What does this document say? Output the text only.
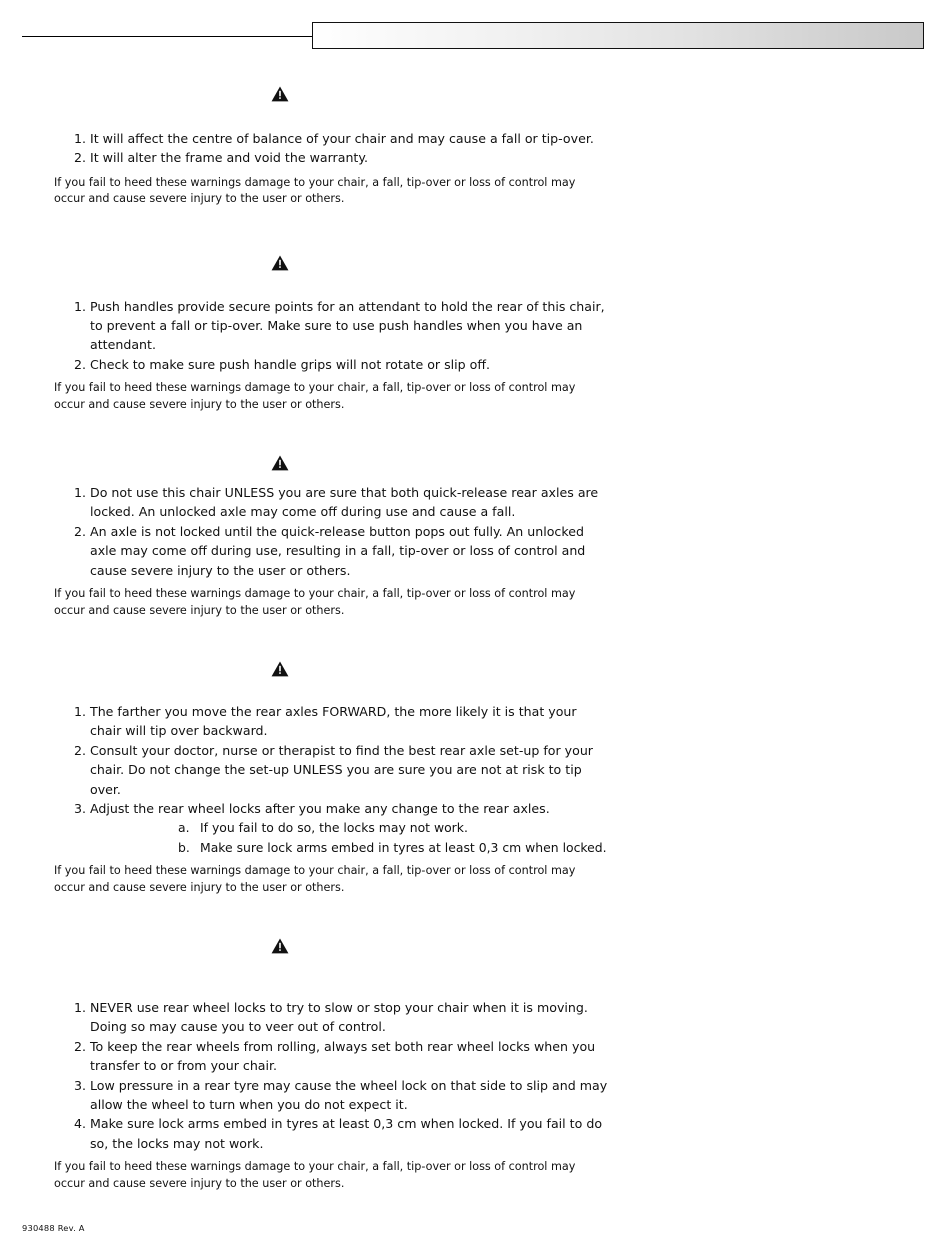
1. It will affect the centre of balance of your chair and may cause a fall or tip-over.
2. It will alter the frame and void the warranty.
If you fail to heed these warnings damage to your chair, a fall, tip-over or loss of control may occur and cause severe injury to the user or others.
1. Push handles provide secure points for an attendant to hold the rear of this chair, to prevent a fall or tip-over. Make sure to use push handles when you have an attendant.
2. Check to make sure push handle grips will not rotate or slip off.
If you fail to heed these warnings damage to your chair, a fall, tip-over or loss of control may occur and cause severe injury to the user or others.
1. Do not use this chair UNLESS you are sure that both quick-release rear axles are locked. An unlocked axle may come off during use and cause a fall.
2. An axle is not locked until the quick-release button pops out fully. An unlocked axle may come off during use, resulting in a fall, tip-over or loss of control and cause severe injury to the user or others.
If you fail to heed these warnings damage to your chair, a fall, tip-over or loss of control may occur and cause severe injury to the user or others.
1. The farther you move the rear axles FORWARD, the more likely it is that your chair will tip over backward.
2. Consult your doctor, nurse or therapist to find the best rear axle set-up for your chair. Do not change the set-up UNLESS you are sure you are not at risk to tip over.
3. Adjust the rear wheel locks after you make any change to the rear axles.
a. If you fail to do so, the locks may not work.
b. Make sure lock arms embed in tyres at least 0,3 cm when locked.
If you fail to heed these warnings damage to your chair, a fall, tip-over or loss of control may occur and cause severe injury to the user or others.
1. NEVER use rear wheel locks to try to slow or stop your chair when it is moving. Doing so may cause you to veer out of control.
2. To keep the rear wheels from rolling, always set both rear wheel locks when you transfer to or from your chair.
3. Low pressure in a rear tyre may cause the wheel lock on that side to slip and may allow the wheel to turn when you do not expect it.
4. Make sure lock arms embed in tyres at least 0,3 cm when locked. If you fail to do so, the locks may not work.
If you fail to heed these warnings damage to your chair, a fall, tip-over or loss of control may occur and cause severe injury to the user or others.
930488 Rev. A
